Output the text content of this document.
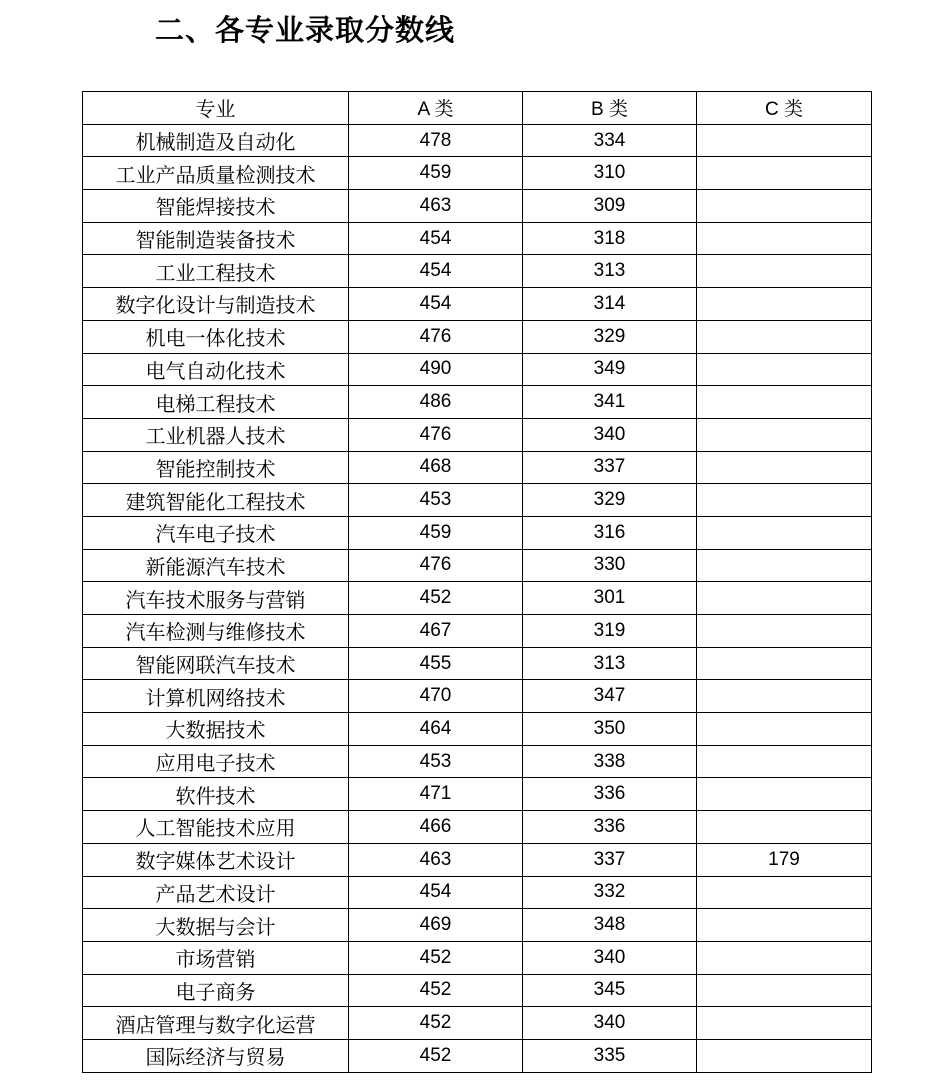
二、各专业录取分数线
专业	A 类	B 类	C 类
机械制造及自动化	478	334	
工业产品质量检测技术	459	310	
智能焊接技术	463	309	
智能制造装备技术	454	318	
工业工程技术	454	313	
数字化设计与制造技术	454	314	
机电一体化技术	476	329	
电气自动化技术	490	349	
电梯工程技术	486	341	
工业机器人技术	476	340	
智能控制技术	468	337	
建筑智能化工程技术	453	329	
汽车电子技术	459	316	
新能源汽车技术	476	330	
汽车技术服务与营销	452	301	
汽车检测与维修技术	467	319	
智能网联汽车技术	455	313	
计算机网络技术	470	347	
大数据技术	464	350	
应用电子技术	453	338	
软件技术	471	336	
人工智能技术应用	466	336	
数字媒体艺术设计	463	337	179
产品艺术设计	454	332	
大数据与会计	469	348	
市场营销	452	340	
电子商务	452	345	
酒店管理与数字化运营	452	340	
国际经济与贸易	452	335	
